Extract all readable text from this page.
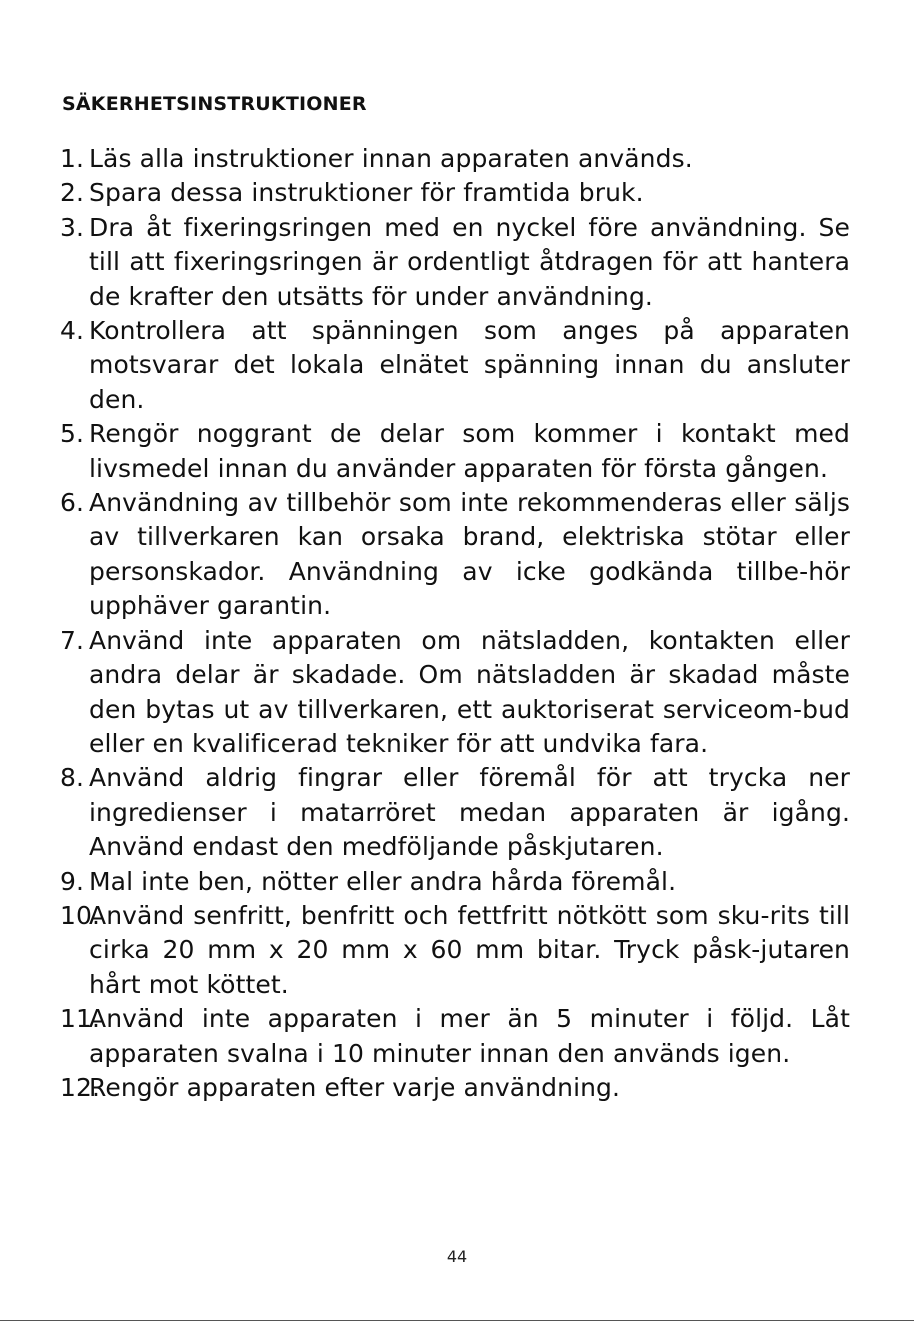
SÄKERHETSINSTRUKTIONER
1. Läs alla instruktioner innan apparaten används.
2. Spara dessa instruktioner för framtida bruk.
3. Dra åt fixeringsringen med en nyckel före användning. Se till att fixeringsringen är ordentligt åtdragen för att hantera de krafter den utsätts för under användning.
4. Kontrollera att spänningen som anges på apparaten motsvarar det lokala elnätet spänning innan du ansluter den.
5. Rengör noggrant de delar som kommer i kontakt med livsmedel innan du använder apparaten för första gången.
6. Användning av tillbehör som inte rekommenderas eller säljs av tillverkaren kan orsaka brand, elektriska stötar eller personskador. Användning av icke godkända tillbe-hör upphäver garantin.
7. Använd inte apparaten om nätsladden, kontakten eller andra delar är skadade. Om nätsladden är skadad måste den bytas ut av tillverkaren, ett auktoriserat serviceom-bud eller en kvalificerad tekniker för att undvika fara.
8. Använd aldrig fingrar eller föremål för att trycka ner ingredienser i matarröret medan apparaten är igång. Använd endast den medföljande påskjutaren.
9. Mal inte ben, nötter eller andra hårda föremål.
10.
Använd senfritt, benfritt och fettfritt nötkött som sku-rits till cirka 20 mm x 20 mm x 60 mm bitar. Tryck påsk-jutaren hårt mot köttet.
11.
Använd inte apparaten i mer än 5 minuter i följd. Låt apparaten svalna i 10 minuter innan den används igen.
12.
Rengör apparaten efter varje användning.
44
